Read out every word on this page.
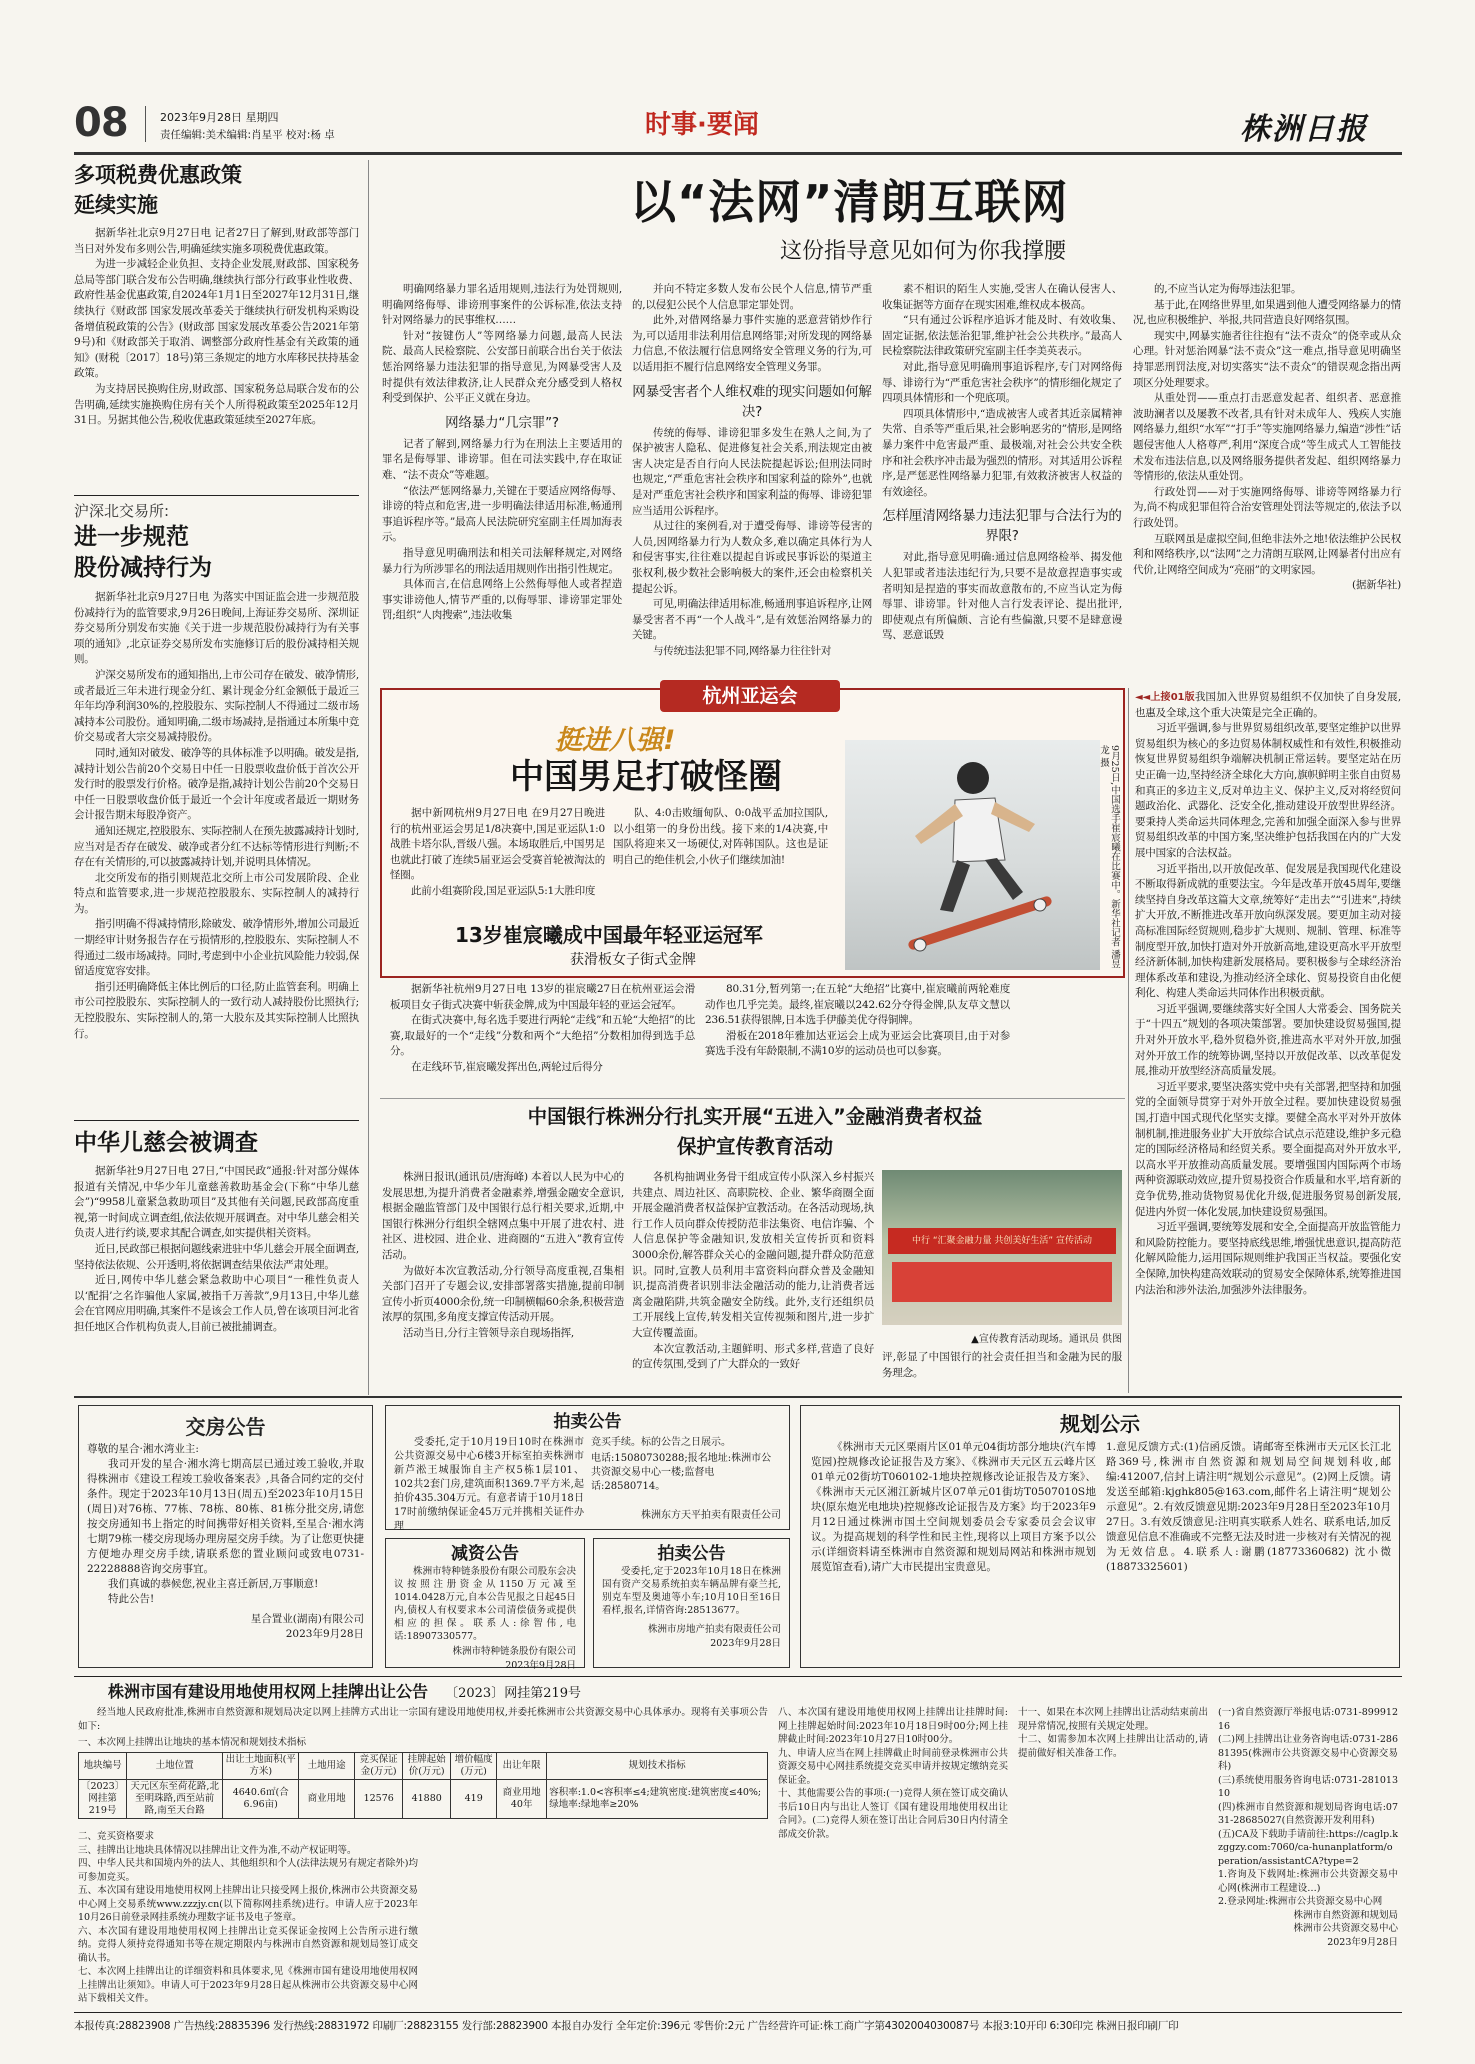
08	2023年9月28日 星期四
责任编辑:美术编辑:肖星平 校对:杨 卓	时事·要闻	株洲日报
多项税费优惠政策
延续实施

据新华社北京9月27日电 记者27日了解到,财政部等部门当日对外发布多则公告,明确延续实施多项税费优惠政策。

为进一步减轻企业负担、支持企业发展,财政部、国家税务总局等部门联合发布公告明确,继续执行部分行政事业性收费、政府性基金优惠政策,自2024年1月1日至2027年12月31日,继续执行《财政部 国家发展改革委关于继续执行研发机构采购设备增值税政策的公告》(财政部 国家发展改革委公告2021年第9号)和《财政部关于取消、调整部分政府性基金有关政策的通知》(财税〔2017〕18号)第三条规定的地方水库移民扶持基金政策。

为支持居民换购住房,财政部、国家税务总局联合发布的公告明确,延续实施换购住房有关个人所得税政策至2025年12月31日。另据其他公告,税收优惠政策延续至2027年底。

沪深北交易所:
进一步规范
股份减持行为

据新华社北京9月27日电 为落实中国证监会进一步规范股份减持行为的监管要求,9月26日晚间,上海证券交易所、深圳证券交易所分别发布实施《关于进一步规范股份减持行为有关事项的通知》,北京证券交易所发布实施修订后的股份减持相关规则。

沪深交易所发布的通知指出,上市公司存在破发、破净情形,或者最近三年未进行现金分红、累计现金分红金额低于最近三年年均净利润30%的,控股股东、实际控制人不得通过二级市场减持本公司股份。通知明确,二级市场减持,是指通过本所集中竞价交易或者大宗交易减持股份。

同时,通知对破发、破净等的具体标准予以明确。破发是指,减持计划公告前20个交易日中任一日股票收盘价低于首次公开发行时的股票发行价格。破净是指,减持计划公告前20个交易日中任一日股票收盘价低于最近一个会计年度或者最近一期财务会计报告期末每股净资产。

通知还规定,控股股东、实际控制人在预先披露减持计划时,应当对是否存在破发、破净或者分红不达标等情形进行判断;不存在有关情形的,可以披露减持计划,并说明具体情况。

北交所发布的指引则规范北交所上市公司发展阶段、企业特点和监管要求,进一步规范控股股东、实际控制人的减持行为。

指引明确不得减持情形,除破发、破净情形外,增加公司最近一期经审计财务报告存在亏损情形的,控股股东、实际控制人不得通过二级市场减持。同时,考虑到中小企业抗风险能力较弱,保留适度宽容安排。

指引还明确降低主体比例后的口径,防止监管套利。明确上市公司控股股东、实际控制人的一致行动人减持股份比照执行;无控股股东、实际控制人的,第一大股东及其实际控制人比照执行。

中华儿慈会被调查

据新华社9月27日电 27日,“中国民政”通报:针对部分媒体报道有关情况,中华少年儿童慈善救助基金会(下称“中华儿慈会”)“9958儿童紧急救助项目”及其他有关问题,民政部高度重视,第一时间成立调查组,依法依规开展调查。对中华儿慈会相关负责人进行约谈,要求其配合调查,如实提供相关资料。

近日,民政部已根据问题线索进驻中华儿慈会开展全面调查,坚持依法依规、公开透明,将依据调查结果依法严肃处理。

近日,网传中华儿慈会紧急救助中心项目“一稚性负责人以‘配捐’之名诈骗他人家属,被指千万善款”,9月13日,中华儿慈会在官网应用明确,其案件不是该会工作人员,曾在该项目河北省担任地区合作机构负责人,目前已被批捕调查。

以“法网”清朗互联网
这份指导意见如何为你我撑腰

明确网络暴力罪名适用规则,违法行为处罚规则,明确网络侮辱、诽谤刑事案件的公诉标准,依法支持针对网络暴力的民事维权……

针对“按键伤人”等网络暴力问题,最高人民法院、最高人民检察院、公安部日前联合出台关于依法惩治网络暴力违法犯罪的指导意见,为网暴受害人及时提供有效法律救济,让人民群众充分感受到人格权利受到保护、公平正义就在身边。

网络暴力“几宗罪”?

记者了解到,网络暴力行为在刑法上主要适用的罪名是侮辱罪、诽谤罪。但在司法实践中,存在取证难、“法不责众”等难题。

“依法严惩网络暴力,关键在于要适应网络侮辱、诽谤的特点和危害,进一步明确法律适用标准,畅通刑事追诉程序等。”最高人民法院研究室副主任周加海表示。

指导意见明确刑法和相关司法解释规定,对网络暴力行为所涉罪名的刑法适用规则作出指引性规定。

具体而言,在信息网络上公然侮辱他人或者捏造事实诽谤他人,情节严重的,以侮辱罪、诽谤罪定罪处罚;组织“人肉搜索”,违法收集

并向不特定多数人发布公民个人信息,情节严重的,以侵犯公民个人信息罪定罪处罚。

此外,对借网络暴力事件实施的恶意营销炒作行为,可以适用非法利用信息网络罪;对所发现的网络暴力信息,不依法履行信息网络安全管理义务的行为,可以适用拒不履行信息网络安全管理义务罪。

网暴受害者个人维权难的现实问题如何解决?

传统的侮辱、诽谤犯罪多发生在熟人之间,为了保护被害人隐私、促进修复社会关系,刑法规定由被害人决定是否自行向人民法院提起诉讼;但刑法同时也规定,“严重危害社会秩序和国家利益的除外”,也就是对严重危害社会秩序和国家利益的侮辱、诽谤犯罪应当适用公诉程序。

从过往的案例看,对于遭受侮辱、诽谤等侵害的人员,因网络暴力行为人数众多,难以确定具体行为人和侵害事实,往往难以提起自诉或民事诉讼的渠道主张权利,极少数社会影响极大的案件,还会由检察机关提起公诉。

可见,明确法律适用标准,畅通刑事追诉程序,让网暴受害者不再“一个人战斗”,是有效惩治网络暴力的关键。

与传统违法犯罪不同,网络暴力往往针对

素不相识的陌生人实施,受害人在确认侵害人、收集证据等方面存在现实困难,维权成本极高。

“只有通过公诉程序追诉才能及时、有效收集、固定证据,依法惩治犯罪,维护社会公共秩序。”最高人民检察院法律政策研究室副主任李美英表示。

对此,指导意见明确刑事追诉程序,专门对网络侮辱、诽谤行为“严重危害社会秩序”的情形细化规定了四项具体情形和一个兜底项。

四项具体情形中,“造成被害人或者其近亲属精神失常、自杀等严重后果,社会影响恶劣的”情形,是网络暴力案件中危害最严重、最极端,对社会公共安全秩序和社会秩序冲击最为强烈的情形。对其适用公诉程序,是严惩恶性网络暴力犯罪,有效救济被害人权益的有效途径。

怎样厘清网络暴力违法犯罪与合法行为的界限?

对此,指导意见明确:通过信息网络检举、揭发他人犯罪或者违法违纪行为,只要不是故意捏造事实或者明知是捏造的事实而故意散布的,不应当认定为侮辱罪、诽谤罪。针对他人言行发表评论、提出批评,即使观点有所偏颇、言论有些偏激,只要不是肆意谩骂、恶意诋毁

的,不应当认定为侮辱违法犯罪。

基于此,在网络世界里,如果遇到他人遭受网络暴力的情况,也应积极维护、举报,共同营造良好网络氛围。

现实中,网暴实施者往往抱有“法不责众”的侥幸或从众心理。针对惩治网暴“法不责众”这一难点,指导意见明确坚持罪恶刑罚法度,对切实落实“法不责众”的错误观念指出两项区分处理要求。

从重处罚——重点打击恶意发起者、组织者、恶意推波助澜者以及屡教不改者,具有针对未成年人、残疾人实施网络暴力,组织“水军”“打手”等实施网络暴力,编造“涉性”话题侵害他人人格尊严,利用“深度合成”等生成式人工智能技术发布违法信息,以及网络服务提供者发起、组织网络暴力等情形的,依法从重处罚。

行政处罚——对于实施网络侮辱、诽谤等网络暴力行为,尚不构成犯罪但符合治安管理处罚法等规定的,依法予以行政处罚。

互联网虽是虚拟空间,但绝非法外之地!依法维护公民权利和网络秩序,以“法网”之力清朗互联网,让网暴者付出应有代价,让网络空间成为“亮丽”的文明家园。

(据新华社)

杭州亚运会
挺进八强!
中国男足打破怪圈

据中新网杭州9月27日电 在9月27日晚进行的杭州亚运会男足1/8决赛中,国足亚运队1:0战胜卡塔尔队,晋级八强。本场取胜后,中国男足也就此打破了连续5届亚运会受赛首轮被淘汰的怪圈。

此前小组赛阶段,国足亚运队5:1大胜印度

队、4:0击败缅甸队、0:0战平孟加拉国队,以小组第一的身份出线。接下来的1/4决赛,中国队将迎来又一场硬仗,对阵韩国队。这也是证明自己的绝佳机会,小伙子们继续加油!	9月25日,中国选手崔宸曦在比赛中。新华社记者 潘昱龙 摄
13岁崔宸曦成中国最年轻亚运冠军
获滑板女子街式金牌

据新华社杭州9月27日电 13岁的崔宸曦27日在杭州亚运会滑板项目女子街式决赛中斩获金牌,成为中国最年轻的亚运会冠军。

在街式决赛中,每名选手要进行两轮“走线”和五轮“大绝招”的比赛,取最好的一个“走线”分数和两个“大绝招”分数相加得到选手总分。

在走线环节,崔宸曦发挥出色,两轮过后得分

80.31分,暂列第一;在五轮“大绝招”比赛中,崔宸曦前两轮难度动作也几乎完美。最终,崔宸曦以242.62分夺得金牌,队友草文慧以236.51获得银牌,日本选手伊藤美优夺得铜牌。

滑板在2018年雅加达亚运会上成为亚运会比赛项目,由于对参赛选手没有年龄限制,不满10岁的运动员也可以参赛。

◄◄上接01版我国加入世界贸易组织不仅加快了自身发展,也惠及全球,这个重大决策是完全正确的。

习近平强调,参与世界贸易组织改革,要坚定维护以世界贸易组织为核心的多边贸易体制权威性和有效性,积极推动恢复世界贸易组织争端解决机制正常运转。要坚定站在历史正确一边,坚持经济全球化大方向,旗帜鲜明主张自由贸易和真正的多边主义,反对单边主义、保护主义,反对将经贸问题政治化、武器化、泛安全化,推动建设开放型世界经济。要秉持人类命运共同体理念,完善和加强全面深入参与世界贸易组织改革的中国方案,坚决维护包括我国在内的广大发展中国家的合法权益。

习近平指出,以开放促改革、促发展是我国现代化建设不断取得新成就的重要法宝。今年是改革开放45周年,要继续坚持自身改革这篇大文章,统筹好“走出去”“引进来”,持续扩大开放,不断推进改革开放向纵深发展。要更加主动对接高标准国际经贸规则,稳步扩大规则、规制、管理、标准等制度型开放,加快打造对外开放新高地,建设更高水平开放型经济新体制,加快构建新发展格局。要积极参与全球经济治理体系改革和建设,为推动经济全球化、贸易投资自由化便利化、构建人类命运共同体作出积极贡献。

习近平强调,要继续落实好全国人大常委会、国务院关于“十四五”规划的各项决策部署。要加快建设贸易强国,提升对外开放水平,稳外贸稳外资,推进高水平对外开放,加强对外开放工作的统筹协调,坚持以开放促改革、以改革促发展,推动开放型经济高质量发展。

习近平要求,要坚决落实党中央有关部署,把坚持和加强党的全面领导贯穿于对外开放全过程。要加快建设贸易强国,打造中国式现代化坚实支撑。要健全高水平对外开放体制机制,推进服务业扩大开放综合试点示范建设,维护多元稳定的国际经济格局和经贸关系。要全面提高对外开放水平,以高水平开放推动高质量发展。要增强国内国际两个市场两种资源联动效应,提升贸易投资合作质量和水平,培育新的竞争优势,推动货物贸易优化升级,促进服务贸易创新发展,促进内外贸一体化发展,加快建设贸易强国。

习近平强调,要统筹发展和安全,全面提高开放监管能力和风险防控能力。要坚持底线思维,增强忧患意识,提高防范化解风险能力,运用国际规则维护我国正当权益。要强化安全保障,加快构建高效联动的贸易安全保障体系,统筹推进国内法治和涉外法治,加强涉外法律服务。

中国银行株洲分行扎实开展“五进入”金融消费者权益
保护宣传教育活动

株洲日报讯(通讯员/唐海峰) 本着以人民为中心的发展思想,为提升消费者金融素养,增强金融安全意识,根据金融监管部门及中国银行总行相关要求,近期,中国银行株洲分行组织全辖网点集中开展了进农村、进社区、进校园、进企业、进商圈的“五进入”教育宣传活动。

为做好本次宣教活动,分行领导高度重视,召集相关部门召开了专题会议,安排部署落实措施,提前印制宣传小折页4000余份,统一印制横幅60余条,积极营造浓厚的氛围,多角度支撑宣传活动开展。

活动当日,分行主管领导亲自现场指挥,

各机构抽调业务骨干组成宣传小队深入乡村振兴共建点、周边社区、高职院校、企业、繁华商圈全面开展金融消费者权益保护宣教活动。在各活动现场,执行工作人员向群众传授防范非法集资、电信诈骗、个人信息保护等金融知识,发放相关宣传折页和资料3000余份,解答群众关心的金融问题,提升群众防范意识。同时,宣教人员利用丰富资料向群众普及金融知识,提高消费者识别非法金融活动的能力,让消费者远离金融陷阱,共筑金融安全防线。此外,支行还组织员工开展线上宣传,转发相关宣传视频和图片,进一步扩大宣传覆盖面。

本次宣教活动,主题鲜明、形式多样,营造了良好的宣传氛围,受到了广大群众的一致好

中行 “汇聚金融力量 共创美好生活” 宣传活动
▲宣传教育活动现场。通讯员 供图

评,彰显了中国银行的社会责任担当和金融为民的服务理念。

交房公告

尊敬的星合·湘水湾业主:

我司开发的星合·湘水湾七期高层已通过竣工验收,并取得株洲市《建设工程竣工验收备案表》,具备合同约定的交付条件。现定于2023年10月13日(周五)至2023年10月15日(周日)对76栋、77栋、78栋、80栋、81栋分批交房,请您按交房通知书上指定的时间携带好相关资料,至星合·湘水湾七期79栋一楼交房现场办理房屋交房手续。为了让您更快捷方便地办理交房手续,请联系您的置业顾问或致电0731-22228888咨询交房事宜。

我们真诚的恭候您,祝业主喜迁新居,万事顺意!

特此公告!

星合置业(湖南)有限公司
2023年9月28日
拍卖公告
受委托,定于10月19日10时在株洲市公共资源交易中心6楼3开标室拍卖株洲市新芦淞王城服饰自主产权5栋1层101、102共2套门房,建筑面积1369.7平方米,起拍价435.304万元。有意者请于10月18日17时前缴纳保证金45万元并携相关证件办理
竞买手续。标的公告之日展示。
电话:15080730288;报名地址:株洲市公共资源交易中心一楼;监督电话:28580714。
株洲东方天平拍卖有限责任公司
减资公告
株洲市特种链条股份有限公司股东会决议按照注册资金从1150万元减至1014.0428万元,自本公告见报之日起45日内,债权人有权要求本公司清偿债务或提供相应的担保。联系人:徐智伟,电话:18907330577。
株洲市特种链条股份有限公司
2023年9月28日
拍卖公告
受委托,定于2023年10月18日在株洲国有资产交易系统拍卖车辆品牌有豪兰托,别克车型及奥迪等小车;10月10日至16日看样,报名,详情咨询:28513677。
株洲市房地产拍卖有限责任公司
2023年9月28日
规划公示
《株洲市天元区栗雨片区01单元04街坊部分地块(汽车博览园)控规修改论证报告及方案》、《株洲市天元区五云峰片区01单元02街坊T060102-1地块控规修改论证报告及方案》、《株洲市天元区湘江新城片区07单元01街坊T0507010S地块(原东炮光电地块)控规修改论证报告及方案》均于2023年9月12日通过株洲市国土空间规划委员会专家委员会会议审议。为提高规划的科学性和民主性,现将以上项目方案予以公示(详细资料请至株洲市自然资源和规划局网站和株洲市规划展览馆查看),请广大市民提出宝贵意见。
1.意见反馈方式:(1)信函反馈。请邮寄至株洲市天元区长江北路369号,株洲市自然资源和规划局空间规划科收,邮编:412007,信封上请注明“规划公示意见”。(2)网上反馈。请发送至邮箱:kjghk805@163.com,邮件名上请注明“规划公示意见”。2.有效反馈意见期:2023年9月28日至2023年10月27日。3.有效反馈意见:注明真实联系人姓名、联系电话,加反馈意见信息不准确或不完整无法及时进一步核对有关情况的视为无效信息。4.联系人:谢鹏(18773360682) 沈小微(18873325601)
株洲市国有建设用地使用权网上挂牌出让公告 〔2023〕网挂第219号
经当地人民政府批准,株洲市自然资源和规划局决定以网上挂牌方式出让一宗国有建设用地使用权,并委托株洲市公共资源交易中心具体承办。现将有关事项公告如下:
一、本次网上挂牌出让地块的基本情况和规划技术指标
地块编号	土地位置	出让土地面积(平方米)	土地用途	竞买保证金(万元)	挂牌起始价(万元)	增价幅度(万元)	出让年限	规划技术指标
〔2023〕网挂第219号	天元区东至荷花路,北至明珠路,西至站前路,南至天台路	4640.6㎡(合6.96亩)	商业用地	12576	41880	419	商业用地40年	容积率:1.0<容积率≤4;建筑密度:建筑密度≤40%;绿地率:绿地率≥20%

二、竞买资格要求

三、挂牌出让地块具体情况以挂牌出让文件为准,不动产权证明等。

四、中华人民共和国境内外的法人、其他组织和个人(法律法规另有规定者除外)均可参加竞买。

五、本次国有建设用地使用权网上挂牌出让只接受网上报价,株洲市公共资源交易中心网上交易系统www.zzzjy.cn(以下简称网挂系统)进行。申请人应于2023年10月26日前登录网挂系统办理数字证书及电子签章。

六、本次国有建设用地使用权网上挂牌出让竞买保证金按网上公告所示进行缴纳。竞得人须持竞得通知书等在规定期限内与株洲市自然资源和规划局签订成交确认书。

七、本次网上挂牌出让的详细资料和具体要求,见《株洲市国有建设用地使用权网上挂牌出让须知》。申请人可于2023年9月28日起从株洲市公共资源交易中心网站下载相关文件。

八、本次国有建设用地使用权网上挂牌出让挂牌时间:网上挂牌起始时间:2023年10月18日9时00分;网上挂牌截止时间:2023年10月27日10时00分。

九、申请人应当在网上挂牌截止时间前登录株洲市公共资源交易中心网挂系统提交竞买申请并按规定缴纳竞买保证金。

十、其他需要公告的事项:(一)竞得人须在签订成交确认书后10日内与出让人签订《国有建设用地使用权出让合同》。(二)竞得人须在签订出让合同后30日内付清全部成交价款。

十一、如果在本次网上挂牌出让活动结束前出现异常情况,按照有关规定处理。

十二、如需参加本次网上挂牌出让活动的,请提前做好相关准备工作。

(一)省自然资源厅举报电话:0731-89991216

(二)网上挂牌出让业务咨询电话:0731-28681395(株洲市公共资源交易中心资源交易科)

(三)系统使用服务咨询电话:0731-28101310

(四)株洲市自然资源和规划局咨询电话:0731-28685027(自然资源开发利用科)

(五)CA及下载助手请前往:https://caglp.kzggzy.com:7060/ca-hunanplatform/operation/assistantCA?type=2

1.咨询及下载网址:株洲市公共资源交易中心网(株洲市工程建设…)

2.登录网址:株洲市公共资源交易中心网

株洲市自然资源和规划局
株洲市公共资源交易中心
2023年9月28日

本报传真:28823908 广告热线:28835396 发行热线:28831972 印刷厂:28823155 发行部:28823900 本报自办发行 全年定价:396元 零售价:2元 广告经营许可证:株工商广字第4302004030087号 本报3:10开印 6:30印完 株洲日报印刷厂印
